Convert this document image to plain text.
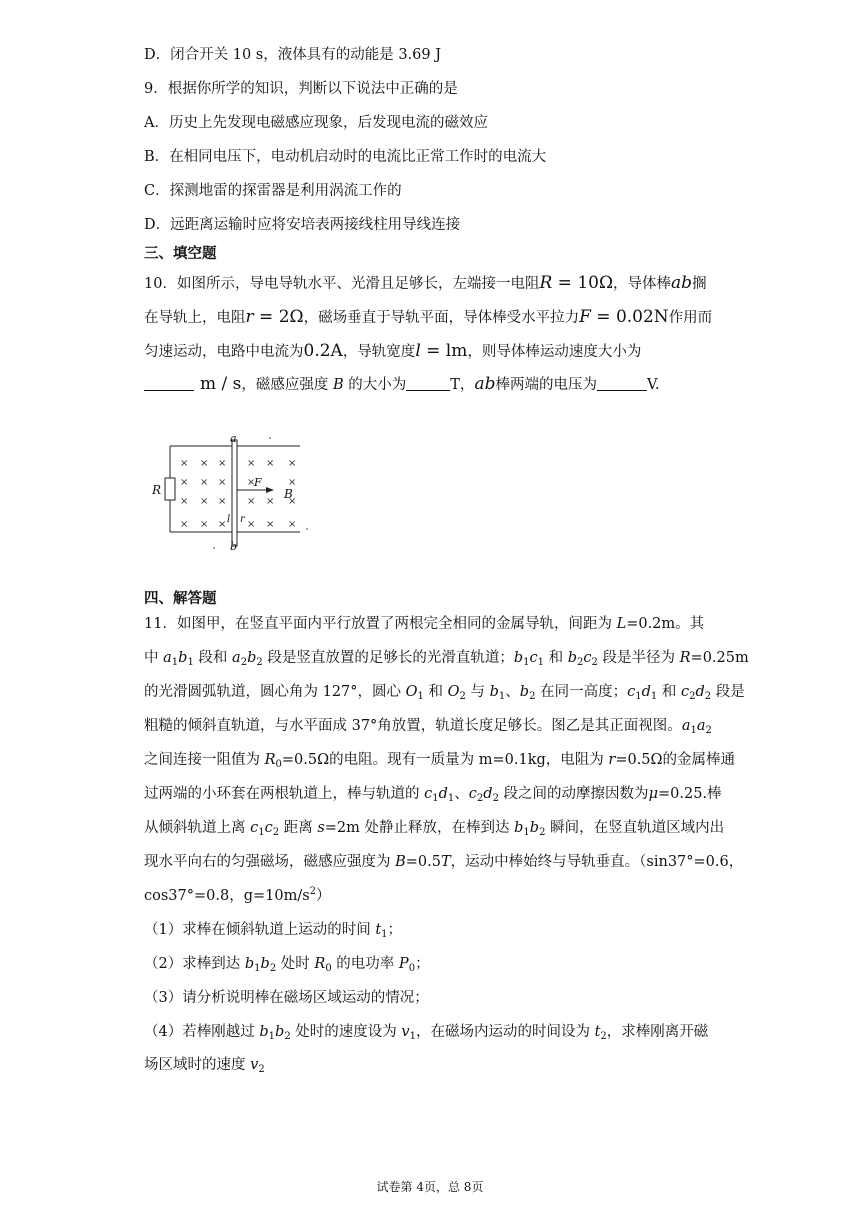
D．闭合开关 10 s，液体具有的动能是 3.69 J
9．根据你所学的知识，判断以下说法中正确的是
A．历史上先发现电磁感应现象，后发现电流的磁效应
B．在相同电压下，电动机启动时的电流比正常工作时的电流大
C．探测地雷的探雷器是利用涡流工作的
D．远距离运输时应将安培表两接线柱用导线连接
三、填空题
10．如图所示，导电导轨水平、光滑且足够长，左端接一电阻R = 10Ω，导体棒ab搁
在导轨上，电阻r = 2Ω，磁场垂直于导轨平面，导体棒受水平拉力F = 0.02N作用而
匀速运动，电路中电流为0.2A，导轨宽度l = lm，则导体棒运动速度大小为
m / s，磁感应强度 B 的大小为	T，ab棒两端的电压为	V.
× × × × × ×
× × × ×	×
× × × × × ×
× × × × × ×
R
a
b
F
B
l r
四、解答题
11．如图甲，在竖直平面内平行放置了两根完全相同的金属导轨，间距为 L=0.2m。其
中 $a_1b_1$ 段和 $a_2b_2$ 段是竖直放置的足够长的光滑直轨道；$b_1c_1$ 和 $b_2c_2$ 段是半径为 R=0.25m
的光滑圆弧轨道，圆心角为 127°，圆心 $O_1$ 和 $O_2$ 与 $b_1$、$b_2$ 在同一高度；$c_1d_1$ 和 $c_2d_2$ 段是
粗糙的倾斜直轨道，与水平面成 37°角放置，轨道长度足够长。图乙是其正面视图。$a_1a_2$
之间连接一阻值为 $R_0=0.5\Omega$的电阻。现有一质量为 m=0.1kg，电阻为 r=0.5Ω的金属棒通
过两端的小环套在两根轨道上，棒与轨道的 $c_1d_1$、$c_2d_2$ 段之间的动摩擦因数为μ=0.25.棒
从倾斜轨道上离 $c_1c_2$ 距离 s=2m 处静止释放，在棒到达 $b_1b_2$ 瞬间，在竖直轨道区域内出
现水平向右的匀强磁场，磁感应强度为 B=0.5T，运动中棒始终与导轨垂直。（sin37°=0.6，
cos37°=0.8，$g=10m/s^2$）
（1）求棒在倾斜轨道上运动的时间 $t_1$；
（2）求棒到达 $b_1b_2$ 处时 $R_0$ 的电功率 $P_0$；
（3）请分析说明棒在磁场区域运动的情况；
（4）若棒刚越过 $b_1b_2$ 处时的速度设为 $v_1$，在磁场内运动的时间设为 $t_2$，求棒刚离开磁
场区域时的速度 $v_2$
试卷第 4页，总 8页
